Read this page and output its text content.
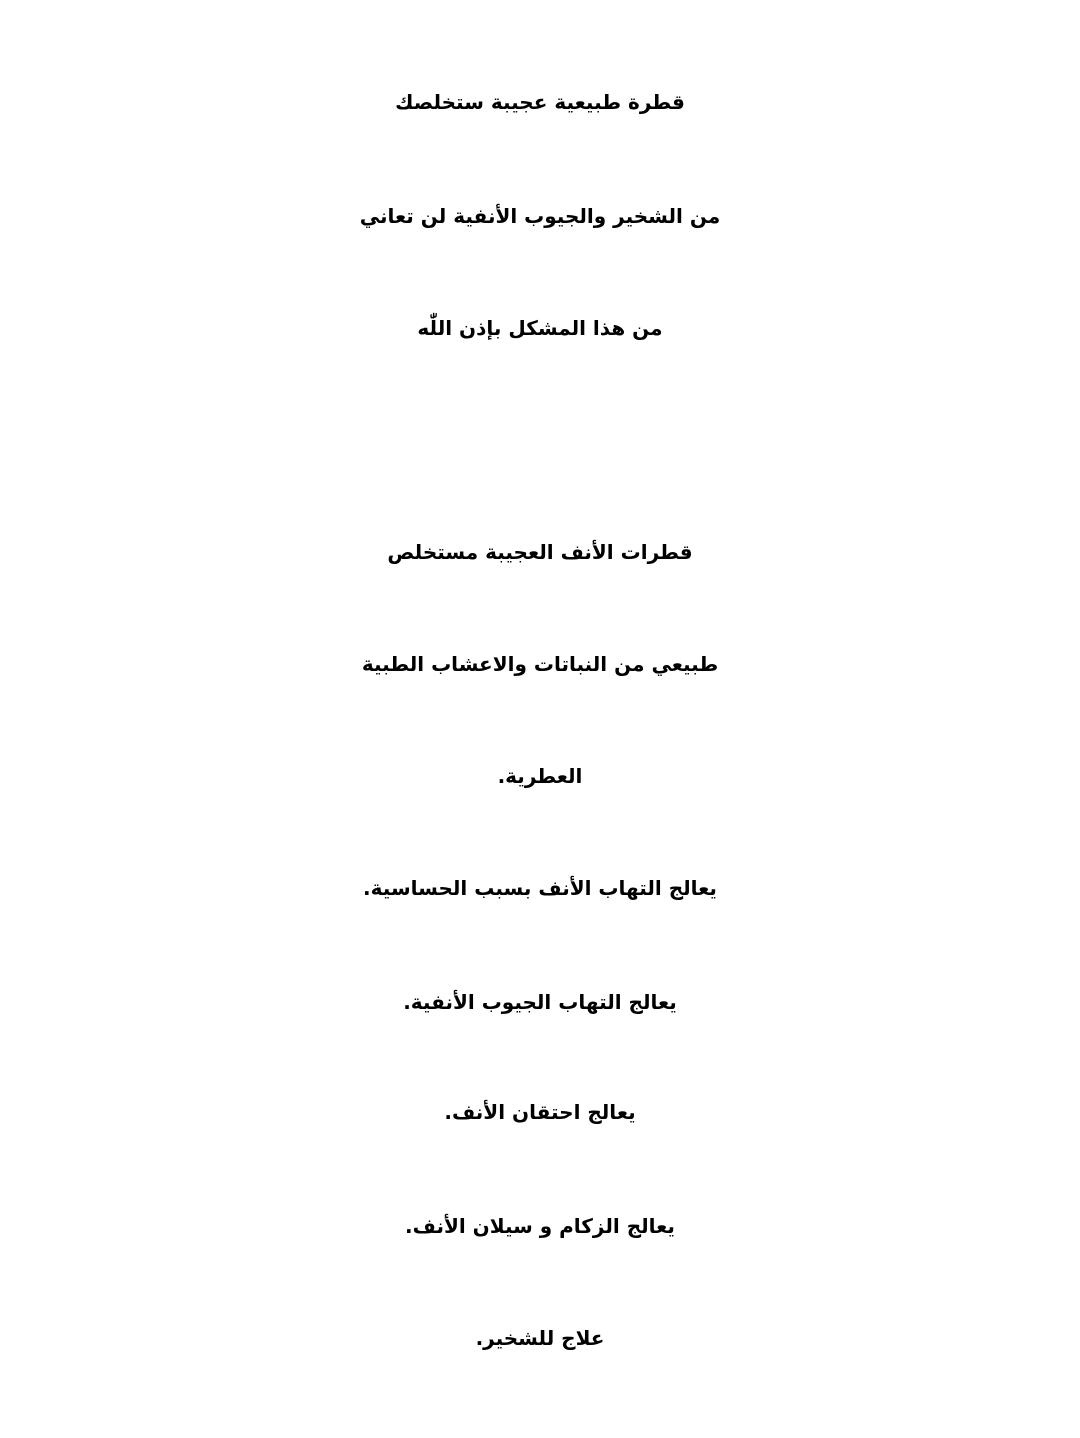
قطرة طبيعية عجيبة ستخلصك
من الشخير والجيوب الأنفية لن تعاني
من هذا المشكل بإذن اللّٰه
قطرات الأنف العجيبة مستخلص
طبيعي من النباتات والاعشاب الطبية
العطرية.
يعالج التهاب الأنف بسبب الحساسية.
يعالج التهاب الجيوب الأنفية.
يعالج احتقان الأنف.
يعالج الزكام و سيلان الأنف.
علاج للشخير.
